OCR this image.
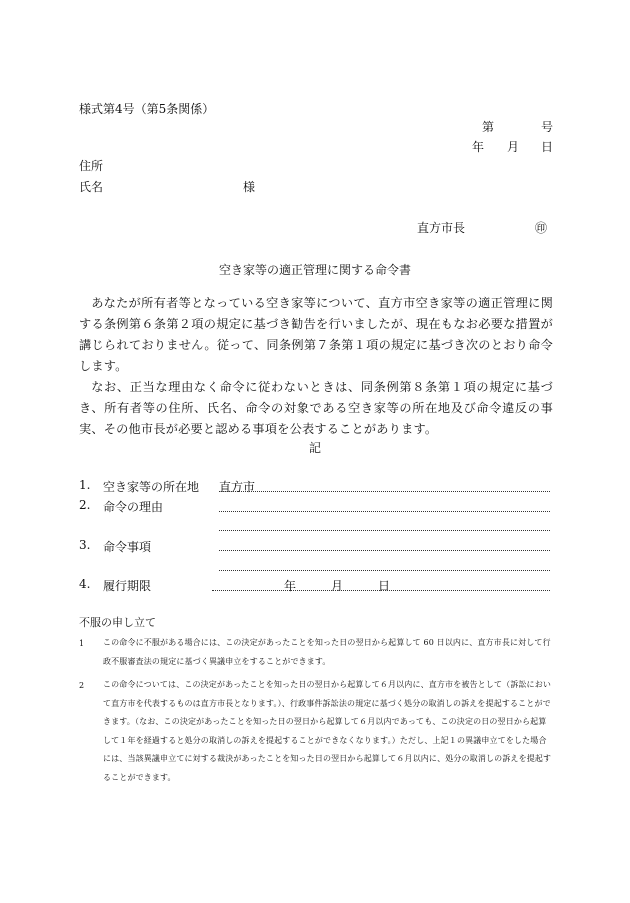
様式第4号（第5条関係）
第	号
年 月 日
住所
氏名	様
直方市長	㊞
空き家等の適正管理に関する命令書

あなたが所有者等となっている空き家等について、直方市空き家等の適正管理に関する条例第６条第２項の規定に基づき勧告を行いましたが、現在もなお必要な措置が講じられておりません。従って、同条例第７条第１項の規定に基づき次のとおり命令します。

なお、正当な理由なく命令に従わないときは、同条例第８条第１項の規定に基づき、所有者等の住所、氏名、命令の対象である空き家等の所在地及び命令違反の事実、その他市長が必要と認める事項を公表することがあります。

記
1. 空き家等の所在地 直方市
2. 命令の理由
3. 命令事項
4. 履行期限	年	月	日
不服の申し立て
1 この命令に不服がある場合には、この決定があったことを知った日の翌日から起算して 60 日以内に、直方市長に対して行政不服審査法の規定に基づく異議申立をすることができます。
2 この命令については、この決定があったことを知った日の翌日から起算して６月以内に、直方市を被告として（訴訟において直方市を代表するものは直方市長となります。）、行政事件訴訟法の規定に基づく処分の取消しの訴えを提起することができます。（なお、この決定があったことを知った日の翌日から起算して６月以内であっても、この決定の日の翌日から起算して１年を経過すると処分の取消しの訴えを提起することができなくなります。）ただし、上記１の異議申立てをした場合には、当該異議申立てに対する裁決があったことを知った日の翌日から起算して６月以内に、処分の取消しの訴えを提起することができます。
